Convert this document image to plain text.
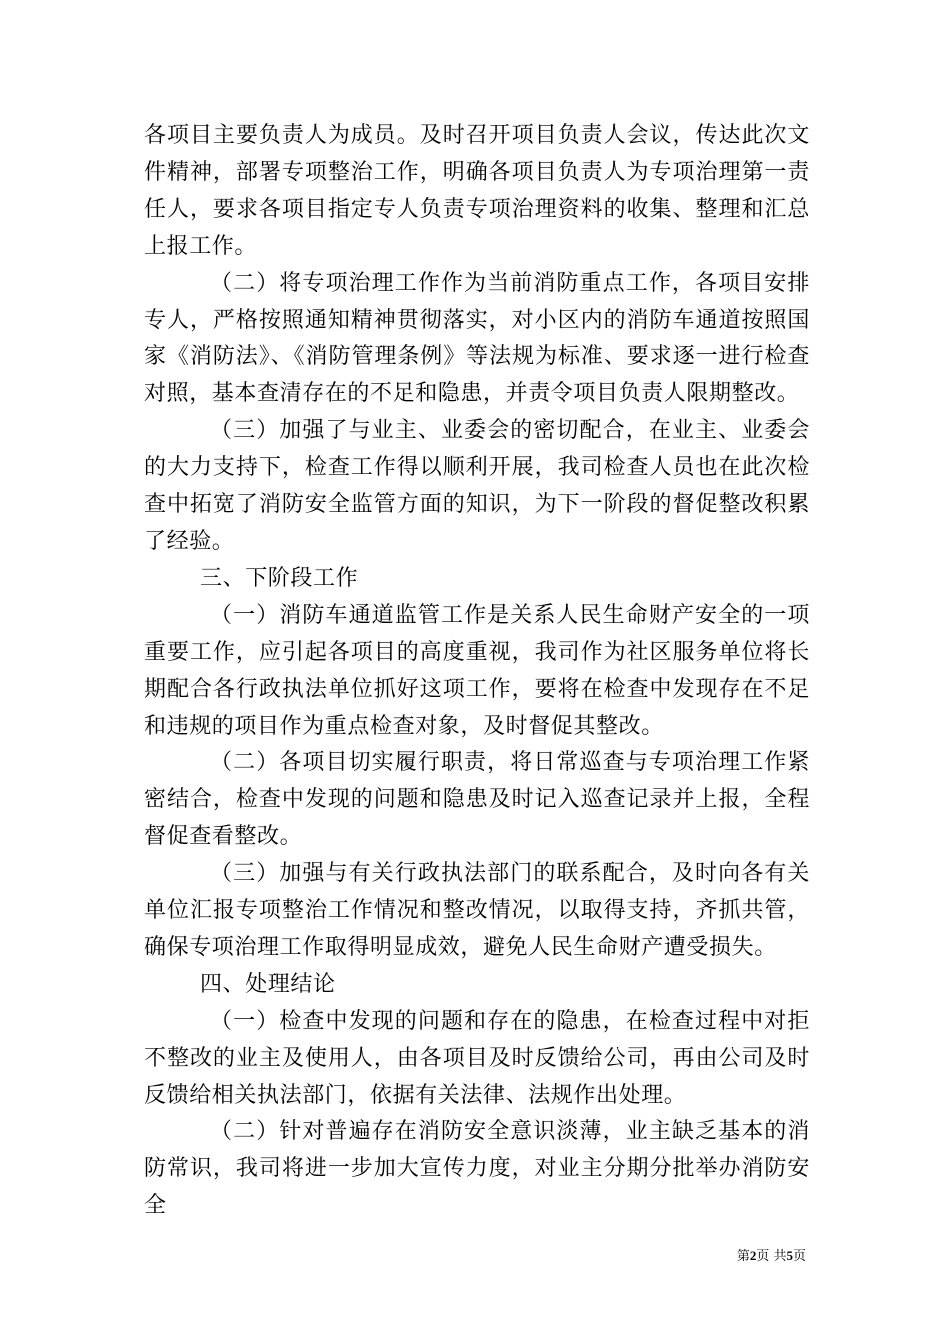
各项目主要负责人为成员。及时召开项目负责人会议，传达此次文件精神，部署专项整治工作，明确各项目负责人为专项治理第一责任人，要求各项目指定专人负责专项治理资料的收集、整理和汇总上报工作。

（二）将专项治理工作作为当前消防重点工作，各项目安排专人，严格按照通知精神贯彻落实，对小区内的消防车通道按照国家《消防法》、《消防管理条例》等法规为标准、要求逐一进行检查对照，基本查清存在的不足和隐患，并责令项目负责人限期整改。

（三）加强了与业主、业委会的密切配合，在业主、业委会的大力支持下，检查工作得以顺利开展，我司检查人员也在此次检查中拓宽了消防安全监管方面的知识，为下一阶段的督促整改积累了经验。

三、下阶段工作

（一）消防车通道监管工作是关系人民生命财产安全的一项重要工作，应引起各项目的高度重视，我司作为社区服务单位将长期配合各行政执法单位抓好这项工作，要将在检查中发现存在不足和违规的项目作为重点检查对象，及时督促其整改。

（二）各项目切实履行职责，将日常巡查与专项治理工作紧密结合，检查中发现的问题和隐患及时记入巡查记录并上报，全程督促查看整改。

（三）加强与有关行政执法部门的联系配合，及时向各有关单位汇报专项整治工作情况和整改情况，以取得支持，齐抓共管，确保专项治理工作取得明显成效，避免人民生命财产遭受损失。

四、处理结论

（一）检查中发现的问题和存在的隐患，在检查过程中对拒不整改的业主及使用人，由各项目及时反馈给公司，再由公司及时反馈给相关执法部门，依据有关法律、法规作出处理。

（二）针对普遍存在消防安全意识淡薄，业主缺乏基本的消防常识，我司将进一步加大宣传力度，对业主分期分批举办消防安全

第2页 共5页
